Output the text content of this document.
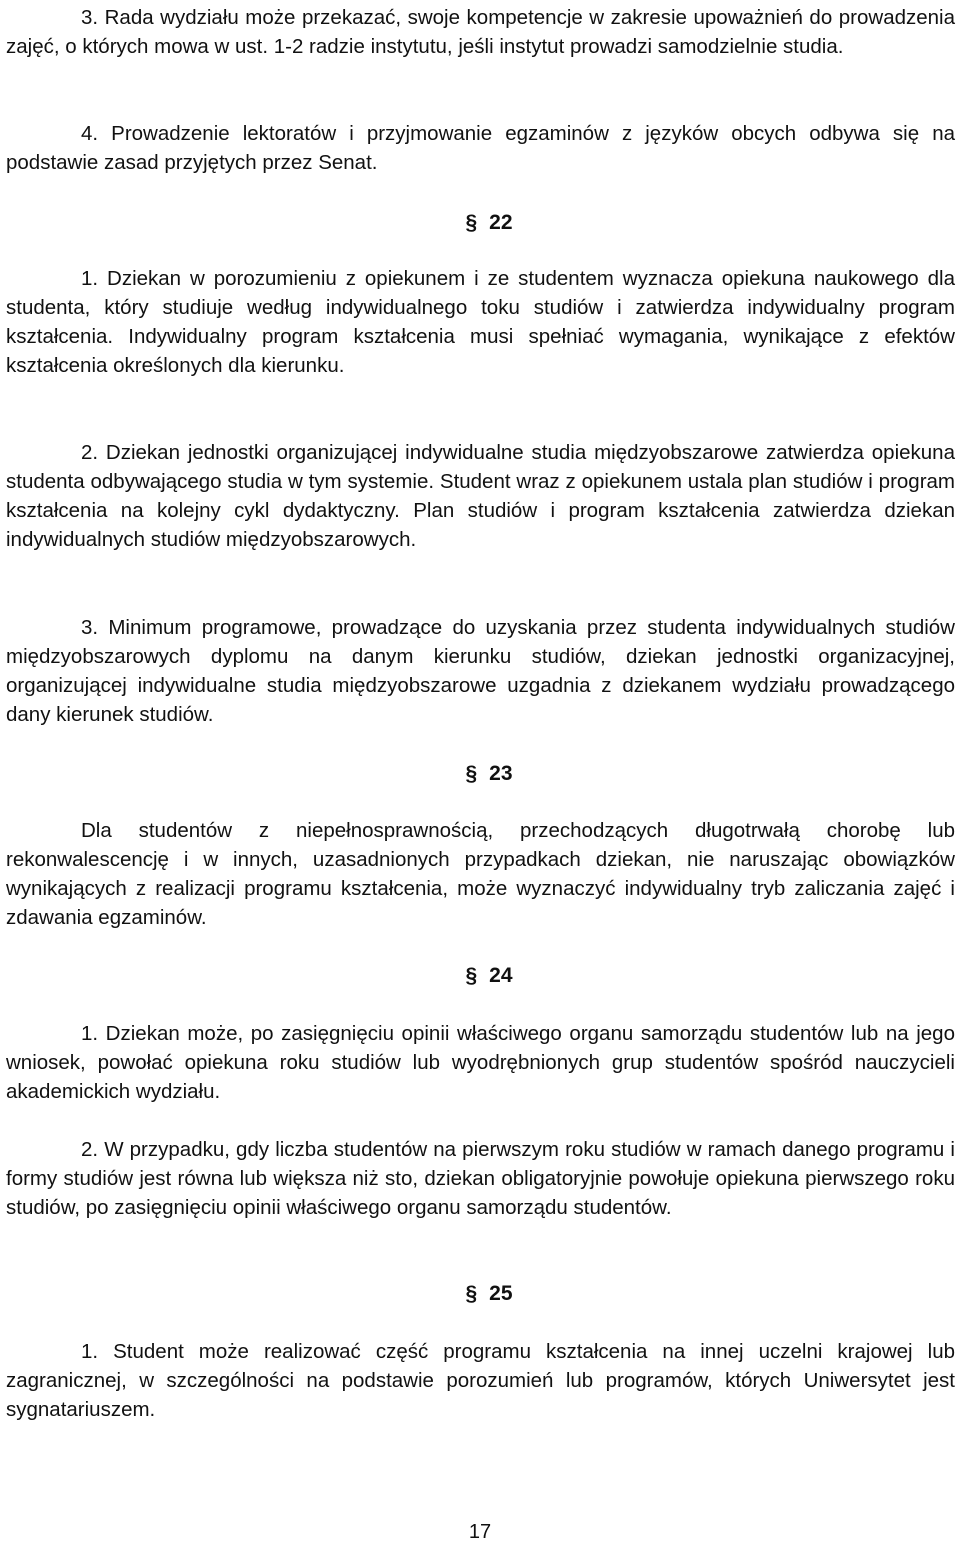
3. Rada wydziału może przekazać, swoje kompetencje w zakresie upoważnień do prowadzenia zajęć, o których mowa w ust. 1-2 radzie instytutu, jeśli instytut prowadzi samodzielnie studia.

4. Prowadzenie lektoratów i przyjmowanie egzaminów z języków obcych odbywa się na podstawie zasad przyjętych przez Senat.

§ 22

1. Dziekan w porozumieniu z opiekunem i ze studentem wyznacza opiekuna naukowego dla studenta, który studiuje według indywidualnego toku studiów i zatwierdza indywidualny program kształcenia. Indywidualny program kształcenia musi spełniać wymagania, wynikające z efektów kształcenia określonych dla kierunku.

2. Dziekan jednostki organizującej indywidualne studia międzyobszarowe zatwierdza opiekuna studenta odbywającego studia w tym systemie. Student wraz z opiekunem ustala plan studiów i program kształcenia na kolejny cykl dydaktyczny. Plan studiów i program kształcenia zatwierdza dziekan indywidualnych studiów międzyobszarowych.

3. Minimum programowe, prowadzące do uzyskania przez studenta indywidualnych studiów międzyobszarowych dyplomu na danym kierunku studiów, dziekan jednostki organizacyjnej, organizującej indywidualne studia międzyobszarowe uzgadnia z dziekanem wydziału prowadzącego dany kierunek studiów.

§ 23

Dla studentów z niepełnosprawnością, przechodzących długotrwałą chorobę lub rekonwalescencję i w innych, uzasadnionych przypadkach dziekan, nie naruszając obowiązków wynikających z realizacji programu kształcenia, może wyznaczyć indywidualny tryb zaliczania zajęć i zdawania egzaminów.

§ 24

1. Dziekan może, po zasięgnięciu opinii właściwego organu samorządu studentów lub na jego wniosek, powołać opiekuna roku studiów lub wyodrębnionych grup studentów spośród nauczycieli akademickich wydziału.

2. W przypadku, gdy liczba studentów na pierwszym roku studiów w ramach danego programu i formy studiów jest równa lub większa niż sto, dziekan obligatoryjnie powołuje opiekuna pierwszego roku studiów, po zasięgnięciu opinii właściwego organu samorządu studentów.

§ 25

1. Student może realizować część programu kształcenia na innej uczelni krajowej lub zagranicznej, w szczególności na podstawie porozumień lub programów, których Uniwersytet jest sygnatariuszem.

17
